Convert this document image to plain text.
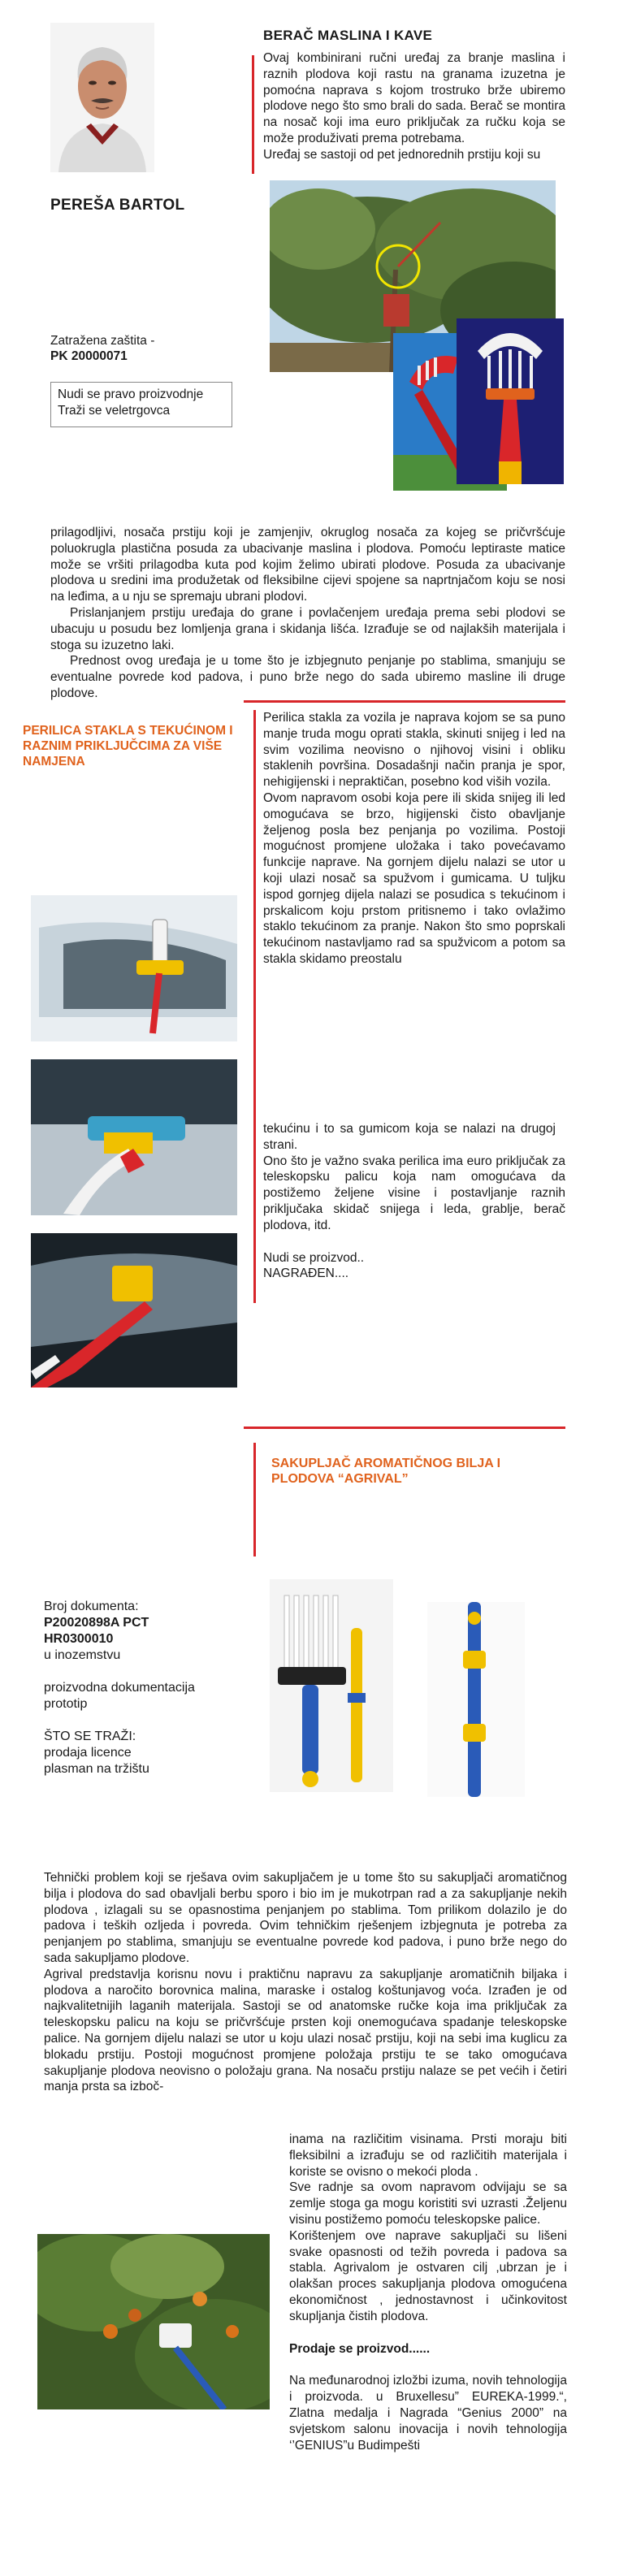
BERAČ MASLINA I KAVE

Ovaj kombinirani ručni uređaj za branje maslina i raznih plodova koji rastu na granama izuzetna je pomoćna naprava s kojom trostruko brže ubiremo plodove nego što smo brali do sada. Berač se montira na nosač koji ima euro priključak za ručku koja se može produživati prema potrebama.

Uređaj se sastoji od pet jednorednih prstiju koji su

PEREŠA BARTOL
Zatražena zaštita -
PK 20000071
Nudi se pravo proizvodnje
Traži se veletrgovca

prilagodljivi, nosača prstiju koji je zamjenjiv, okruglog nosača za kojeg se pričvršćuje poluokrugla plastična posuda za ubacivanje maslina i plodova. Pomoću leptiraste matice može se vršiti prilagodba kuta pod kojim želimo ubirati plodove. Posuda za ubacivanje plodova u sredini ima produžetak od fleksibilne cijevi spojene sa naprtnjačom koju se nosi na leđima, a u nju se spremaju ubrani plodovi.

Prislanjanjem prstiju uređaja do grane i povlačenjem uređaja prema sebi plodovi se ubacuju u posudu bez lomljenja grana i skidanja lišća. Izrađuje se od najlakših materijala i stoga su izuzetno laki.

Prednost ovog uređaja je u tome što je izbjegnuto penjanje po stablima, smanjuju se eventualne povrede kod padova, i puno brže nego do sada ubiremo masline ili druge plodove.

PERILICA STAKLA S TEKUĆINOM I RAZNIM PRIKLJUČCIMA ZA VIŠE NAMJENA

Perilica stakla za vozila je naprava kojom se sa puno manje truda mogu oprati stakla, skinuti snijeg i led na svim vozilima neovisno o njihovoj visini i obliku staklenih površina. Dosadašnji način pranja je spor, nehigijenski i nepraktičan, posebno kod viših vozila.

Ovom napravom osobi koja pere ili skida snijeg ili led omogućava se brzo, higijenski čisto obavljanje željenog posla bez penjanja po vozilima. Postoji mogućnost promjene uložaka i tako povećavamo funkcije naprave. Na gornjem dijelu nalazi se utor u koji ulazi nosač sa spužvom i gumicama. U tuljku ispod gornjeg dijela nalazi se posudica s tekućinom i prskalicom koju prstom pritisnemo i tako ovlažimo staklo tekućinom za pranje. Nakon što smo poprskali tekućinom nastavljamo rad sa spužvicom a potom sa stakla skidamo preostalu

tekućinu i to sa gumicom koja se nalazi na drugoj strani.

Ono što je važno svaka perilica ima euro priključak za teleskopsku palicu koja nam omogućava da postižemo željene visine i postavljanje raznih priključaka skidač snijega i leda, grablje, berač plodova, itd.

Nudi se proizvod..

NAGRAĐEN....

SAKUPLJAČ AROMATIČNOG BILJA I PLODOVA “AGRIVAL”
Broj dokumenta:
P20020898A PCT
HR0300010
u inozemstvu
proizvodna dokumentacija
prototip
ŠTO SE TRAŽI:
prodaja licence
plasman na tržištu

Tehnički problem koji se rješava ovim sakupljačem je u tome što su sakupljači aromatičnog bilja i plodova do sad obavljali berbu sporo i bio im je mukotrpan rad a za sakupljanje nekih plodova , izlagali su se opasnostima penjanjem po stablima. Tom prilikom dolazilo je do padova i teških ozljeda i povreda. Ovim tehničkim rješenjem izbjegnuta je potreba za penjanjem po stablima, smanjuju se eventualne povrede kod padova, i puno brže nego do sada sakupljamo plodove.

Agrival predstavlja korisnu novu i praktičnu napravu za sakupljanje aromatičnih biljaka i plodova a naročito borovnica malina, maraske i ostalog koštunjavog voća. Izrađen je od najkvalitetnijih laganih materijala. Sastoji se od anatomske ručke koja ima priključak za teleskopsku palicu na koju se pričvršćuje prsten koji onemogućava spadanje teleskopske palice. Na gornjem dijelu nalazi se utor u koju ulazi nosač prstiju, koji na sebi ima kuglicu za blokadu prstiju. Postoji mogućnost promjene položaja prstiju te se tako omogućava sakupljanje plodova neovisno o položaju grana. Na nosaču prstiju nalaze se pet većih i četiri manja prsta sa izboč-

inama na različitim visinama. Prsti moraju biti fleksibilni a izrađuju se od različitih materijala i koriste se ovisno o mekoći ploda .

Sve radnje sa ovom napravom odvijaju se sa zemlje stoga ga mogu koristiti svi uzrasti .Željenu visinu postižemo pomoću teleskopske palice.

Korištenjem ove naprave sakupljači su lišeni svake opasnosti od težih povreda i padova sa stabla. Agrivalom je ostvaren cilj ,ubrzan je i olakšan proces sakupljanja plodova omogućena ekonomičnost , jednostavnost i učinkovitost skupljanja čistih plodova.

Prodaje se proizvod......

Na međunarodnoj izložbi izuma, novih tehnologija i proizvoda. u Bruxellesu” EUREKA-1999.“, Zlatna medalja i Nagrada “Genius 2000” na svjetskom salonu inovacija i novih tehnologija ‘’GENIUS”u Budimpešti
